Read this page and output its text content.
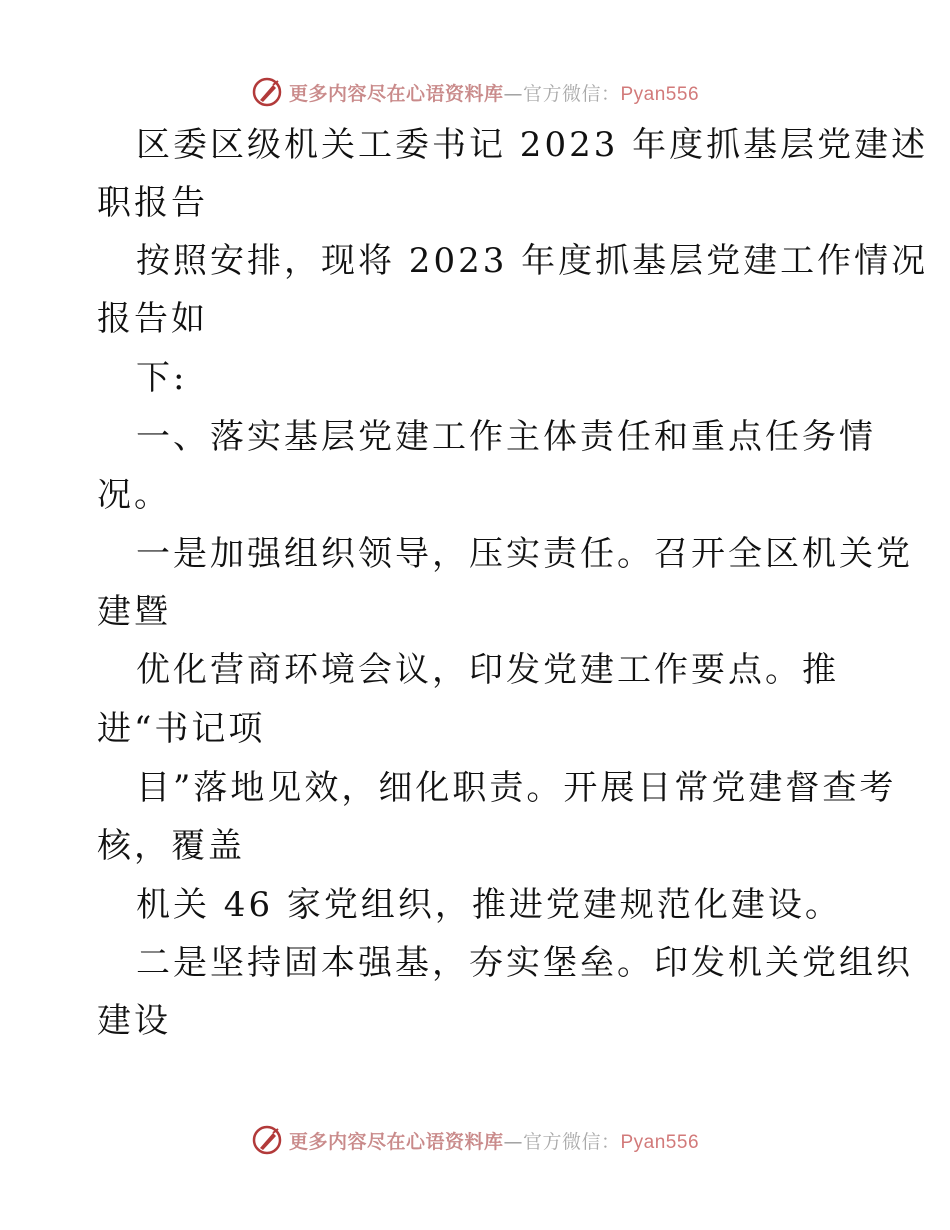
更多内容尽在心语资料库—官方微信：Pyan556
区委区级机关工委书记 2023 年度抓基层党建述
职报告
按照安排，现将 2023 年度抓基层党建工作情况
报告如
下:
一、落实基层党建工作主体责任和重点任务情
况。
一是加强组织领导，压实责任。召开全区机关党
建暨
优化营商环境会议，印发党建工作要点。推
进“书记项
目”落地见效，细化职责。开展日常党建督查考
核，覆盖
机关 46 家党组织，推进党建规范化建设。
二是坚持固本强基，夯实堡垒。印发机关党组织
建设
更多内容尽在心语资料库—官方微信：Pyan556
